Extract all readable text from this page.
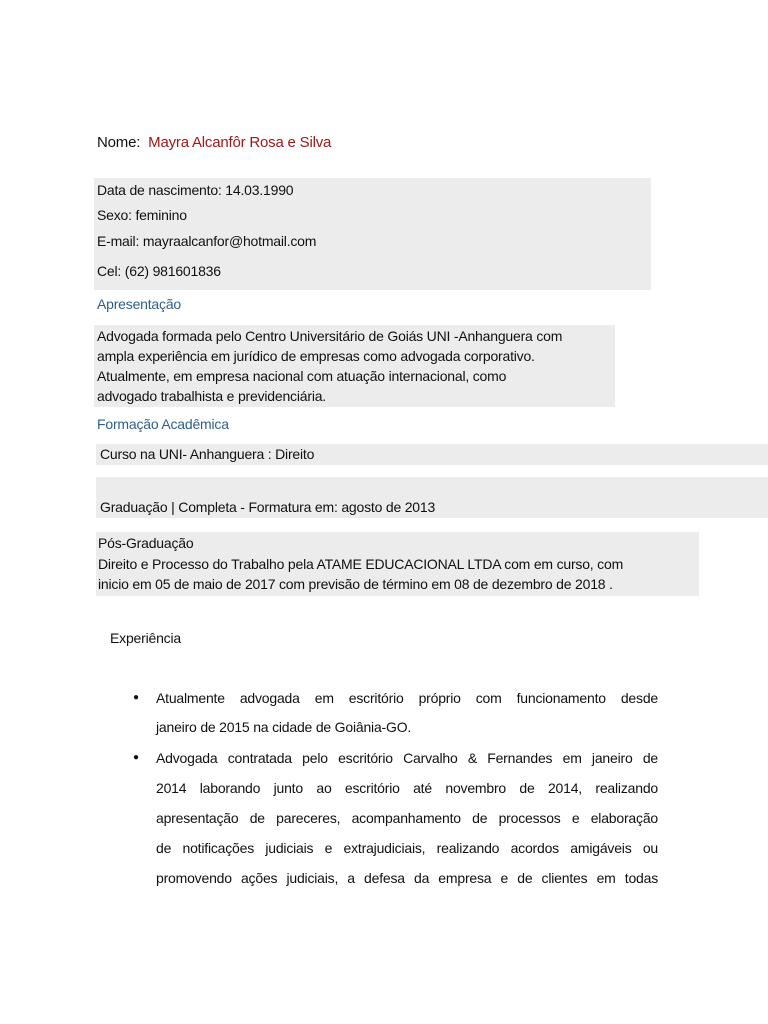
Nome: Mayra Alcanfôr Rosa e Silva
Data de nascimento: 14.03.1990
Sexo: feminino
E-mail: mayraalcanfor@hotmail.com
Cel: (62) 981601836
Apresentação
Advogada formada pelo Centro Universitário de Goiás UNI -Anhanguera com
ampla experiência em jurídico de empresas como advogada corporativo.
Atualmente, em empresa nacional com atuação internacional, como
advogado trabalhista e previdenciária.
Formação Acadêmica
Curso na UNI- Anhanguera : Direito
Graduação | Completa - Formatura em: agosto de 2013
Pós-Graduação
Direito e Processo do Trabalho pela ATAME EDUCACIONAL LTDA com em curso, com
inicio em 05 de maio de 2017 com previsão de término em 08 de dezembro de 2018 .
Experiência
● Atualmente advogada em escritório próprio com funcionamento desde
janeiro de 2015 na cidade de Goiânia-GO.
● Advogada contratada pelo escritório Carvalho & Fernandes em janeiro de
2014 laborando junto ao escritório até novembro de 2014, realizando
apresentação de pareceres, acompanhamento de processos e elaboração
de notificações judiciais e extrajudiciais, realizando acordos amigáveis ou
promovendo ações judiciais, a defesa da empresa e de clientes em todas
